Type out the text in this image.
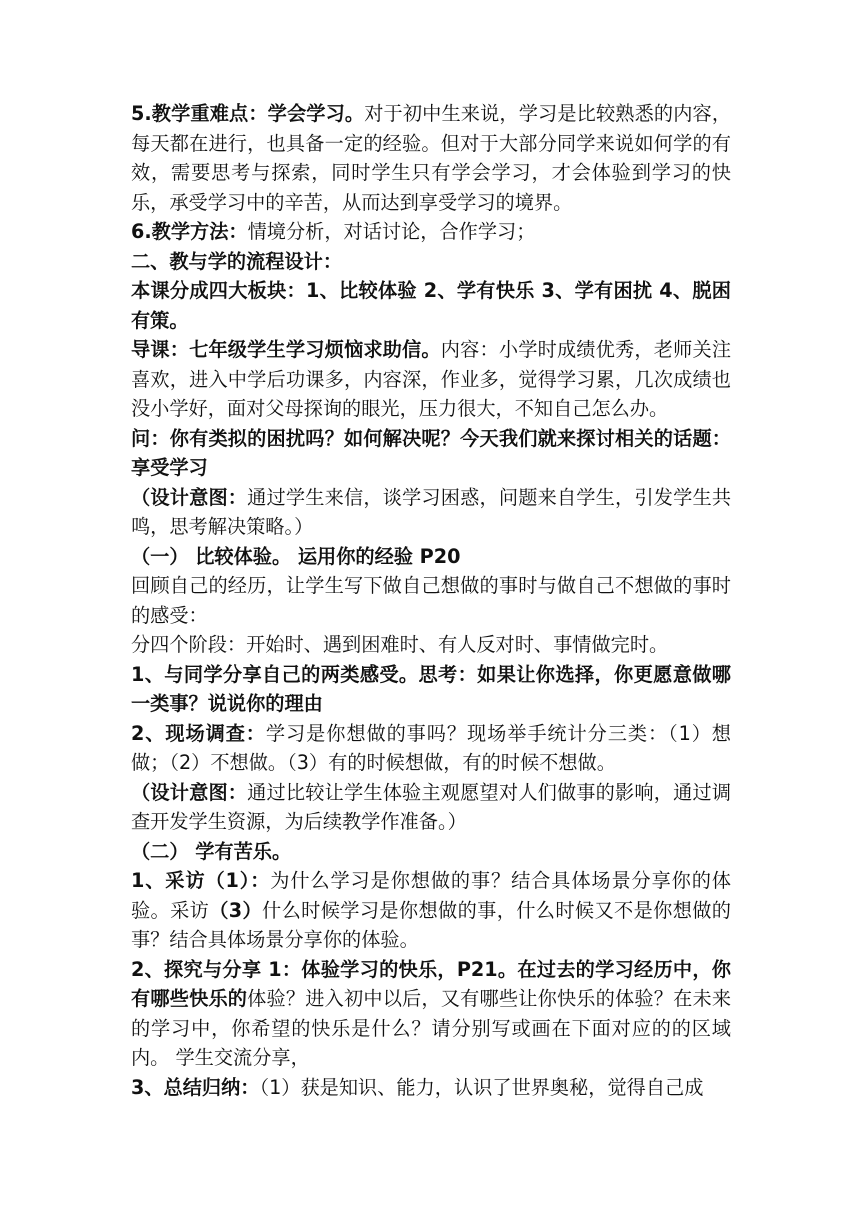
5.教学重难点：学会学习。对于初中生来说，学习是比较熟悉的内容，每天都在进行，也具备一定的经验。但对于大部分同学来说如何学的有效，需要思考与探索，同时学生只有学会学习，才会体验到学习的快乐，承受学习中的辛苦，从而达到享受学习的境界。

6.教学方法：情境分析，对话讨论，合作学习；

二、教与学的流程设计：

本课分成四大板块：1、比较体验 2、学有快乐 3、学有困扰 4、脱困有策。

导课：七年级学生学习烦恼求助信。内容：小学时成绩优秀，老师关注喜欢，进入中学后功课多，内容深，作业多，觉得学习累，几次成绩也没小学好，面对父母探询的眼光，压力很大，不知自己怎么办。

问：你有类拟的困扰吗？如何解决呢？今天我们就来探讨相关的话题：享受学习

（设计意图：通过学生来信，谈学习困惑，问题来自学生，引发学生共鸣，思考解决策略。）

（一） 比较体验。 运用你的经验 P20

回顾自己的经历，让学生写下做自己想做的事时与做自己不想做的事时的感受：

分四个阶段：开始时、遇到困难时、有人反对时、事情做完时。

1、与同学分享自己的两类感受。思考：如果让你选择，你更愿意做哪一类事？说说你的理由

2、现场调查：学习是你想做的事吗？现场举手统计分三类：（1）想做；（2）不想做。（3）有的时候想做，有的时候不想做。

（设计意图：通过比较让学生体验主观愿望对人们做事的影响，通过调查开发学生资源，为后续教学作准备。）

（二） 学有苦乐。

1、采访（1）：为什么学习是你想做的事？结合具体场景分享你的体验。采访（3）什么时候学习是你想做的事，什么时候又不是你想做的事？结合具体场景分享你的体验。

2、探究与分享 1：体验学习的快乐，P21。在过去的学习经历中，你有哪些快乐的体验？进入初中以后，又有哪些让你快乐的体验？在未来的学习中，你希望的快乐是什么？请分别写或画在下面对应的的区域内。 学生交流分享，

3、总结归纳：（1）获是知识、能力，认识了世界奥秘，觉得自己成
